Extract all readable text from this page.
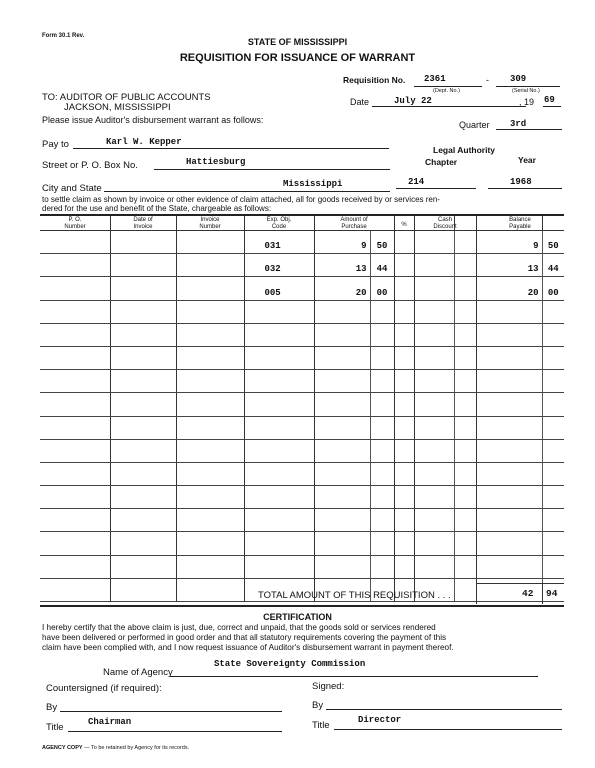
Form 30.1 Rev.
STATE OF MISSISSIPPI
REQUISITION FOR ISSUANCE OF WARRANT
Requisition No. 2361	- 309
(Dept. No.)	(Serial No.)
TO: AUDITOR OF PUBLIC ACCOUNTS
JACKSON, MISSISSIPPI
Please issue Auditor's disbursement warrant as follows:
Date	July 22	, 19 69
Quarter 3rd
Pay to	Karl W. Kepper
Legal Authority
Chapter	Year
Street or P. O. Box No.	Hattiesburg
City and State	Mississippi	214	1968
to settle claim as shown by invoice or other evidence of claim attached, all for goods received by or services ren-
dered for the use and benefit of the State, chargeable as follows:
P. O.
Number
Date of
Invoice
Invoice
Number
Exp. Obj.
Code
Amount of
Purchase	%
Cash
Discount
Balance
Payable

			031	9	50				9	50
			032	13	44				13	44
			005	20	00				20	00

TOTAL AMOUNT OF THIS REQUISITION . . .	42 94
CERTIFICATION
I hereby certify that the above claim is just, due, correct and unpaid, that the goods sold or services rendered
have been delivered or performed in good order and that all statutory requirements covering the payment of this
claim have been complied with, and I now request issuance of Auditor's disbursement warrant in payment thereof.
Name of Agency
State Sovereignty Commission
Countersigned (if required):	Signed:
By	By
Title	Chairman	Title	Director
AGENCY COPY — To be retained by Agency for its records.
